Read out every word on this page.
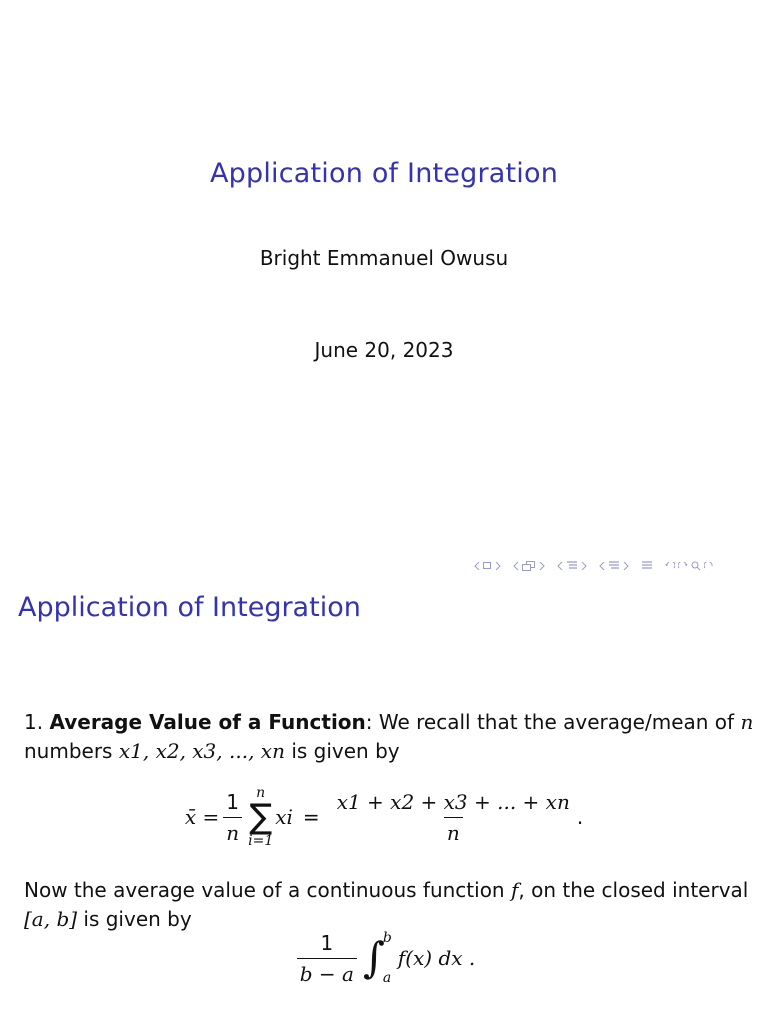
Application of Integration
Bright Emmanuel Owusu
June 20, 2023
Application of Integration
1. Average Value of a Function: We recall that the average/mean of n
numbers x1, x2, x3, ..., xn is given by
x̄ = $\frac{1}{n}$ n
∑
i=1
xi = $\frac{x1 + x2 + x3 + ... + xn}{n}$ .
Now the average value of a continuous function f, on the closed interval
[a, b] is given by
$\frac{1}{b - a}$ ∫
b
a
f(x) dx .
